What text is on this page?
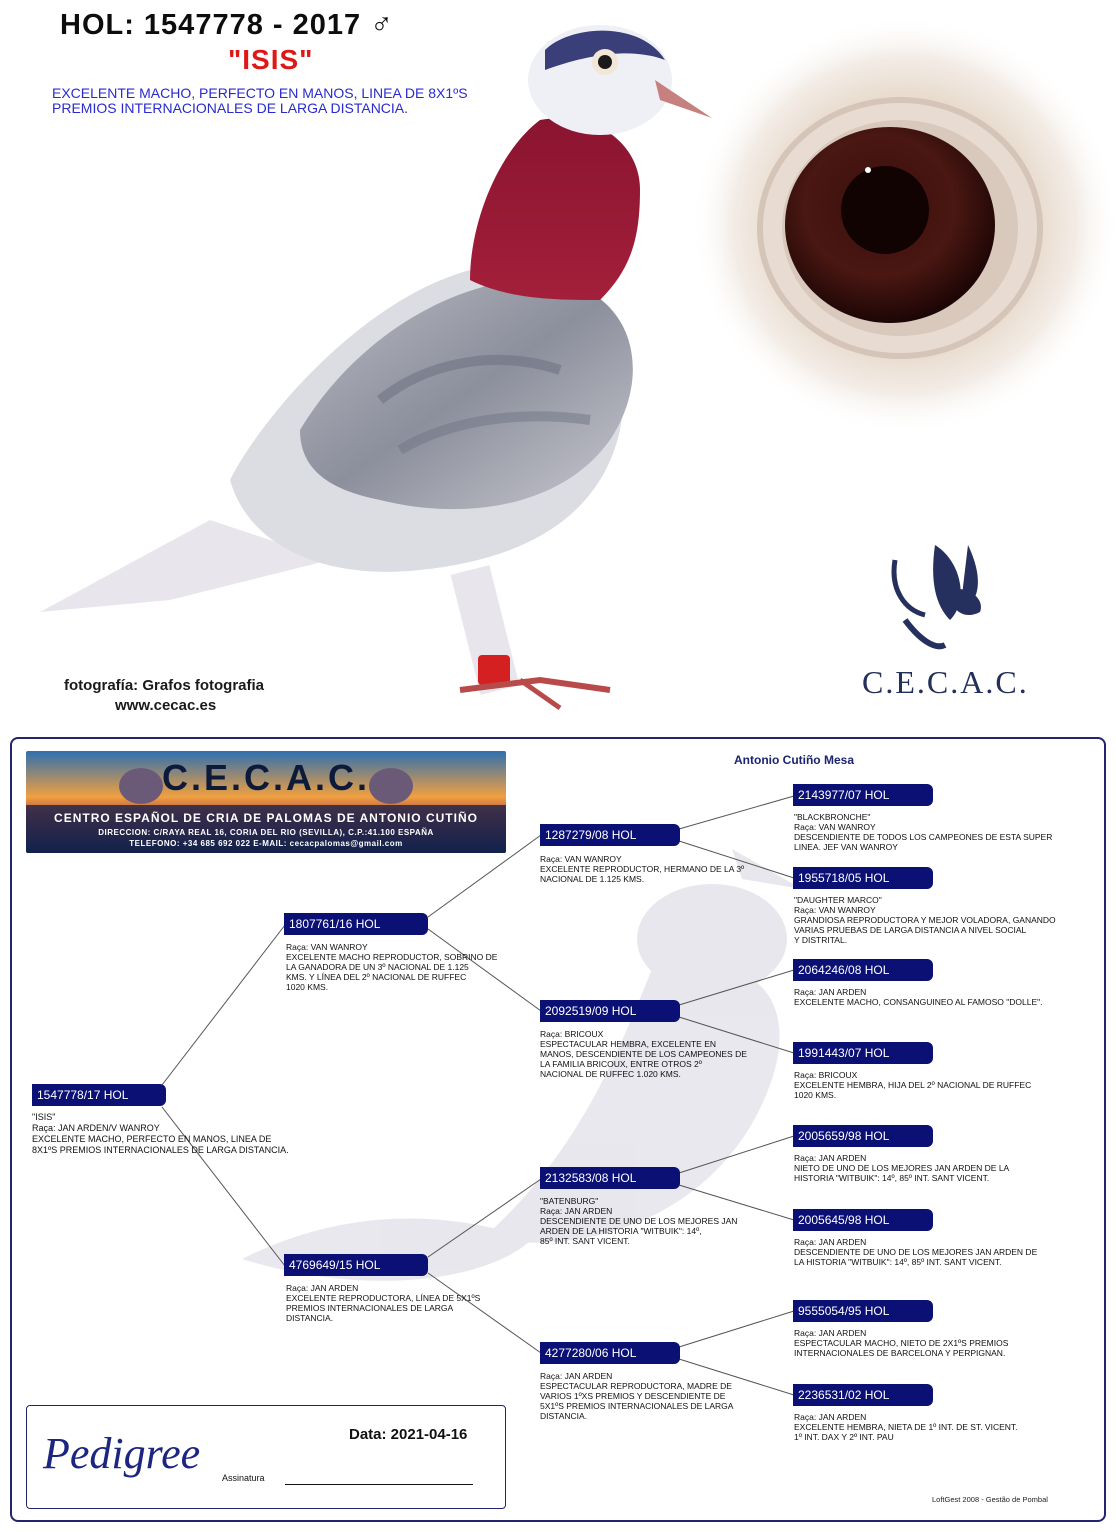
HOL: 1547778 - 2017 ♂
"ISIS"
EXCELENTE MACHO, PERFECTO EN MANOS, LINEA DE 8X1ºS PREMIOS INTERNACIONALES DE LARGA DISTANCIA.
fotografía: Grafos fotografia
www.cecac.es
C.E.C.A.C.
Antonio Cutiño Mesa
C.E.C.A.C.
CENTRO ESPAÑOL DE CRIA DE PALOMAS DE ANTONIO CUTIÑO
DIRECCION: C/RAYA REAL 16, CORIA DEL RIO (SEVILLA), C.P.:41.100 ESPAÑA
TELEFONO: +34 685 692 022 E-MAIL: cecacpalomas@gmail.com
1547778/17 HOL
"ISIS"
Raça: JAN ARDEN/V WANROY
EXCELENTE MACHO, PERFECTO EN MANOS, LINEA DE
8X1ºS PREMIOS INTERNACIONALES DE LARGA DISTANCIA.
1807761/16 HOL
Raça: VAN WANROY
EXCELENTE MACHO REPRODUCTOR, SOBRINO DE
LA GANADORA DE UN 3º NACIONAL DE 1.125
KMS. Y LÍNEA DEL 2º NACIONAL DE RUFFEC
1020 KMS.
4769649/15 HOL
Raça: JAN ARDEN
EXCELENTE REPRODUCTORA, LÍNEA DE 5X1ºS
PREMIOS INTERNACIONALES DE LARGA
DISTANCIA.
1287279/08 HOL
Raça: VAN WANROY
EXCELENTE REPRODUCTOR, HERMANO DE LA 3º
NACIONAL DE 1.125 KMS.
2092519/09 HOL
Raça: BRICOUX
ESPECTACULAR HEMBRA, EXCELENTE EN
MANOS, DESCENDIENTE DE LOS CAMPEONES DE
LA FAMILIA BRICOUX, ENTRE OTROS 2º
NACIONAL DE RUFFEC 1.020 KMS.
2132583/08 HOL
"BATENBURG"
Raça: JAN ARDEN
DESCENDIENTE DE UNO DE LOS MEJORES JAN
ARDEN DE LA HISTORIA "WITBUIK": 14º,
85º INT. SANT VICENT.
4277280/06 HOL
Raça: JAN ARDEN
ESPECTACULAR REPRODUCTORA, MADRE DE
VARIOS 1ºXS PREMIOS Y DESCENDIENTE DE
5X1ºS PREMIOS INTERNACIONALES DE LARGA
DISTANCIA.
2143977/07 HOL
"BLACKBRONCHE"
Raça: VAN WANROY
DESCENDIENTE DE TODOS LOS CAMPEONES DE ESTA SUPER
LINEA. JEF VAN WANROY
1955718/05 HOL
"DAUGHTER MARCO"
Raça: VAN WANROY
GRANDIOSA REPRODUCTORA Y MEJOR VOLADORA, GANANDO
VARIAS PRUEBAS DE LARGA DISTANCIA A NIVEL SOCIAL
Y DISTRITAL.
2064246/08 HOL
Raça: JAN ARDEN
EXCELENTE MACHO, CONSANGUINEO AL FAMOSO "DOLLE".
1991443/07 HOL
Raça: BRICOUX
EXCELENTE HEMBRA, HIJA DEL 2º NACIONAL DE RUFFEC
1020 KMS.
2005659/98 HOL
Raça: JAN ARDEN
NIETO DE UNO DE LOS MEJORES JAN ARDEN DE LA
HISTORIA "WITBUIK": 14º, 85º INT. SANT VICENT.
2005645/98 HOL
Raça: JAN ARDEN
DESCENDIENTE DE UNO DE LOS MEJORES JAN ARDEN DE
LA HISTORIA "WITBUIK": 14º, 85º INT. SANT VICENT.
9555054/95 HOL
Raça: JAN ARDEN
ESPECTACULAR MACHO, NIETO DE 2X1ºS PREMIOS
INTERNACIONALES DE BARCELONA Y PERPIGNAN.
2236531/02 HOL
Raça: JAN ARDEN
EXCELENTE HEMBRA, NIETA DE 1º INT. DE ST. VICENT.
1º INT. DAX Y 2º INT. PAU
Pedigree	Data: 2021-04-16
Assinatura
LoftGest 2008 - Gestão de Pombal
